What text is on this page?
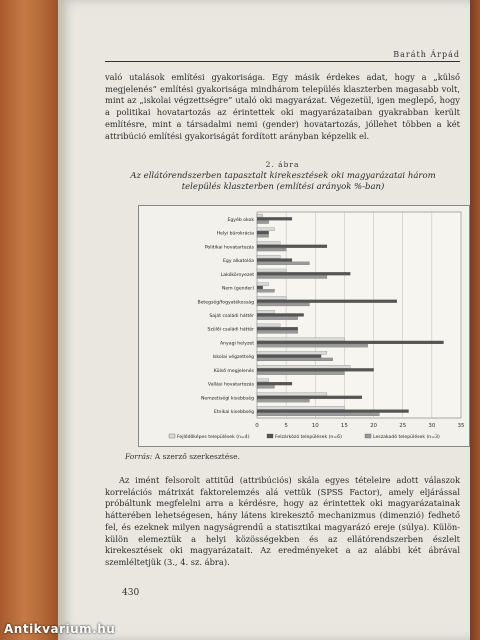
Baráth Árpád
való utalások említési gyakorisága. Egy másik érdekes adat, hogy a „külső megjelenés” említési gyakorisága mindhárom település klaszterben magasabb volt, mint az „iskolai végzettségre” utaló oki magyarázat. Végezetül, igen meglepő, hogy a politikai hovatartozás az érintettek oki magyarázataiban gyakrabban került említésre, mint a társadalmi nemi (gender) hovatartozás, jóllehet többen a két attribúció említési gyakoriságát fordított arányban képzelik el.
2. ábra
Az ellátórendszerben tapasztalt kirekesztések oki magyarázatai három település klaszterben (említési arányok %-ban)
0	5	10	15	20	25	30	35
Egyéb okok
Helyi bürokrácia
Politikai hovatartozás
Egy alkatolóa
Lakókörnyezet
Nem (gender)
Betegség/fogyatékosság
Saját családi háttér
Szülői családi háttér
Anyagi helyzet
Iskolai végzettség
Külső megjelenés
Vallási hovatartozás
Nemzetiségi kisebbség
Etnikai kisebbség
Fejlődőképes települések (n=4)	Felzárkózó települések (n=6)	Leszakadó települések (n=3)
Forrás: A szerző szerkesztése.
Az imént felsorolt attitűd (attribúciós) skála egyes tételeire adott válaszok korrelációs mátrixát faktorelemzés alá vettük (SPSS Factor), amely eljárással próbáltunk megfelelni arra a kérdésre, hogy az érintettek oki magyarázatainak hátterében lehetségesen, hány látens kirekesztő mechanizmus (dimenzió) fedhető fel, és ezeknek milyen nagyságrendű a statisztikai magyarázó ereje (súlya). Külön-külön elemeztük a helyi közösségekben és az ellátórendszerben észlelt kirekesztések oki magyarázatait. Az eredményeket a az alábbi két ábrával szemléltetjük (3., 4. sz. ábra).
430
Antikvarium.hu
